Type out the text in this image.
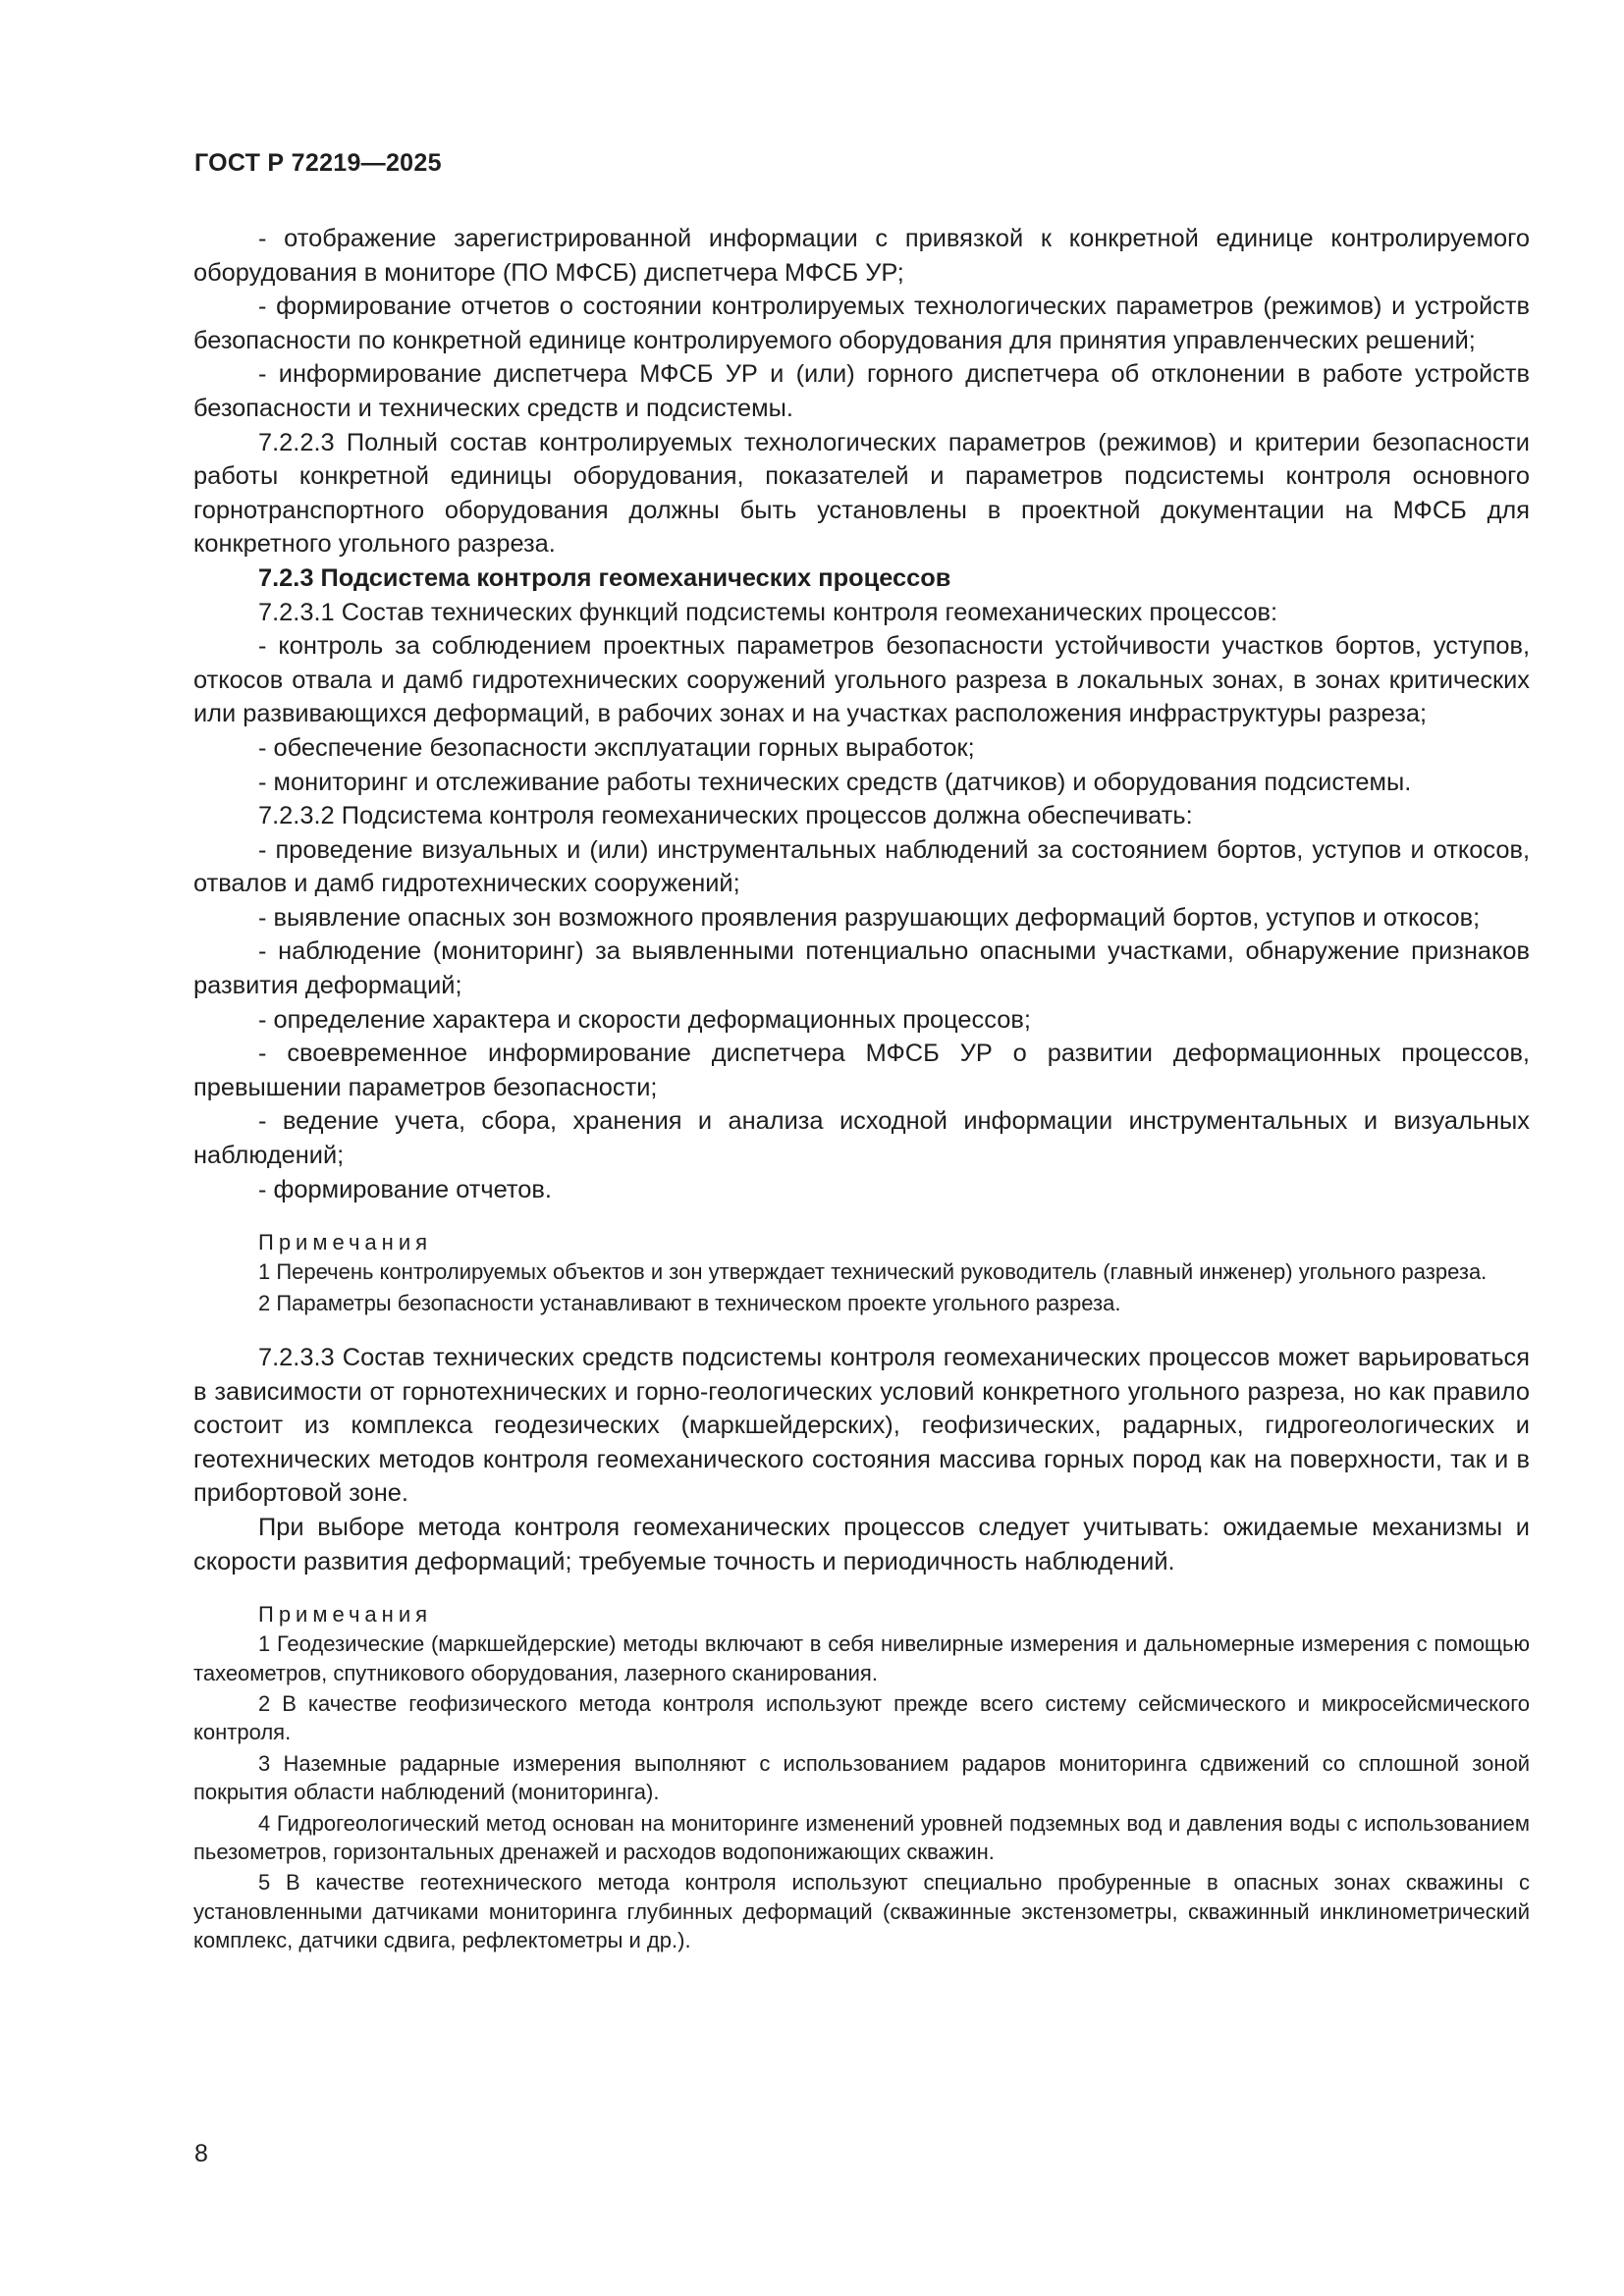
ГОСТ Р 72219—2025

- отображение зарегистрированной информации с привязкой к конкретной единице контролируемого оборудования в мониторе (ПО МФСБ) диспетчера МФСБ УР;

- формирование отчетов о состоянии контролируемых технологических параметров (режимов) и устройств безопасности по конкретной единице контролируемого оборудования для принятия управленческих решений;

- информирование диспетчера МФСБ УР и (или) горного диспетчера об отклонении в работе устройств безопасности и технических средств и подсистемы.

7.2.2.3 Полный состав контролируемых технологических параметров (режимов) и критерии безопасности работы конкретной единицы оборудования, показателей и параметров подсистемы контроля основного горнотранспортного оборудования должны быть установлены в проектной документации на МФСБ для конкретного угольного разреза.

7.2.3 Подсистема контроля геомеханических процессов

7.2.3.1 Состав технических функций подсистемы контроля геомеханических процессов:

- контроль за соблюдением проектных параметров безопасности устойчивости участков бортов, уступов, откосов отвала и дамб гидротехнических сооружений угольного разреза в локальных зонах, в зонах критических или развивающихся деформаций, в рабочих зонах и на участках расположения инфраструктуры разреза;

- обеспечение безопасности эксплуатации горных выработок;

- мониторинг и отслеживание работы технических средств (датчиков) и оборудования подсистемы.

7.2.3.2 Подсистема контроля геомеханических процессов должна обеспечивать:

- проведение визуальных и (или) инструментальных наблюдений за состоянием бортов, уступов и откосов, отвалов и дамб гидротехнических сооружений;

- выявление опасных зон возможного проявления разрушающих деформаций бортов, уступов и откосов;

- наблюдение (мониторинг) за выявленными потенциально опасными участками, обнаружение признаков развития деформаций;

- определение характера и скорости деформационных процессов;

- своевременное информирование диспетчера МФСБ УР о развитии деформационных процессов, превышении параметров безопасности;

- ведение учета, сбора, хранения и анализа исходной информации инструментальных и визуальных наблюдений;

- формирование отчетов.

Примечания

1 Перечень контролируемых объектов и зон утверждает технический руководитель (главный инженер) угольного разреза.

2 Параметры безопасности устанавливают в техническом проекте угольного разреза.

7.2.3.3 Состав технических средств подсистемы контроля геомеханических процессов может варьироваться в зависимости от горнотехнических и горно-геологических условий конкретного угольного разреза, но как правило состоит из комплекса геодезических (маркшейдерских), геофизических, радарных, гидрогеологических и геотехнических методов контроля геомеханического состояния массива горных пород как на поверхности, так и в прибортовой зоне.

При выборе метода контроля геомеханических процессов следует учитывать: ожидаемые механизмы и скорости развития деформаций; требуемые точность и периодичность наблюдений.

Примечания

1 Геодезические (маркшейдерские) методы включают в себя нивелирные измерения и дальномерные измерения с помощью тахеометров, спутникового оборудования, лазерного сканирования.

2 В качестве геофизического метода контроля используют прежде всего систему сейсмического и микросейсмического контроля.

3 Наземные радарные измерения выполняют с использованием радаров мониторинга сдвижений со сплошной зоной покрытия области наблюдений (мониторинга).

4 Гидрогеологический метод основан на мониторинге изменений уровней подземных вод и давления воды с использованием пьезометров, горизонтальных дренажей и расходов водопонижающих скважин.

5 В качестве геотехнического метода контроля используют специально пробуренные в опасных зонах скважины с установленными датчиками мониторинга глубинных деформаций (скважинные экстензометры, скважинный инклинометрический комплекс, датчики сдвига, рефлектометры и др.).

8
